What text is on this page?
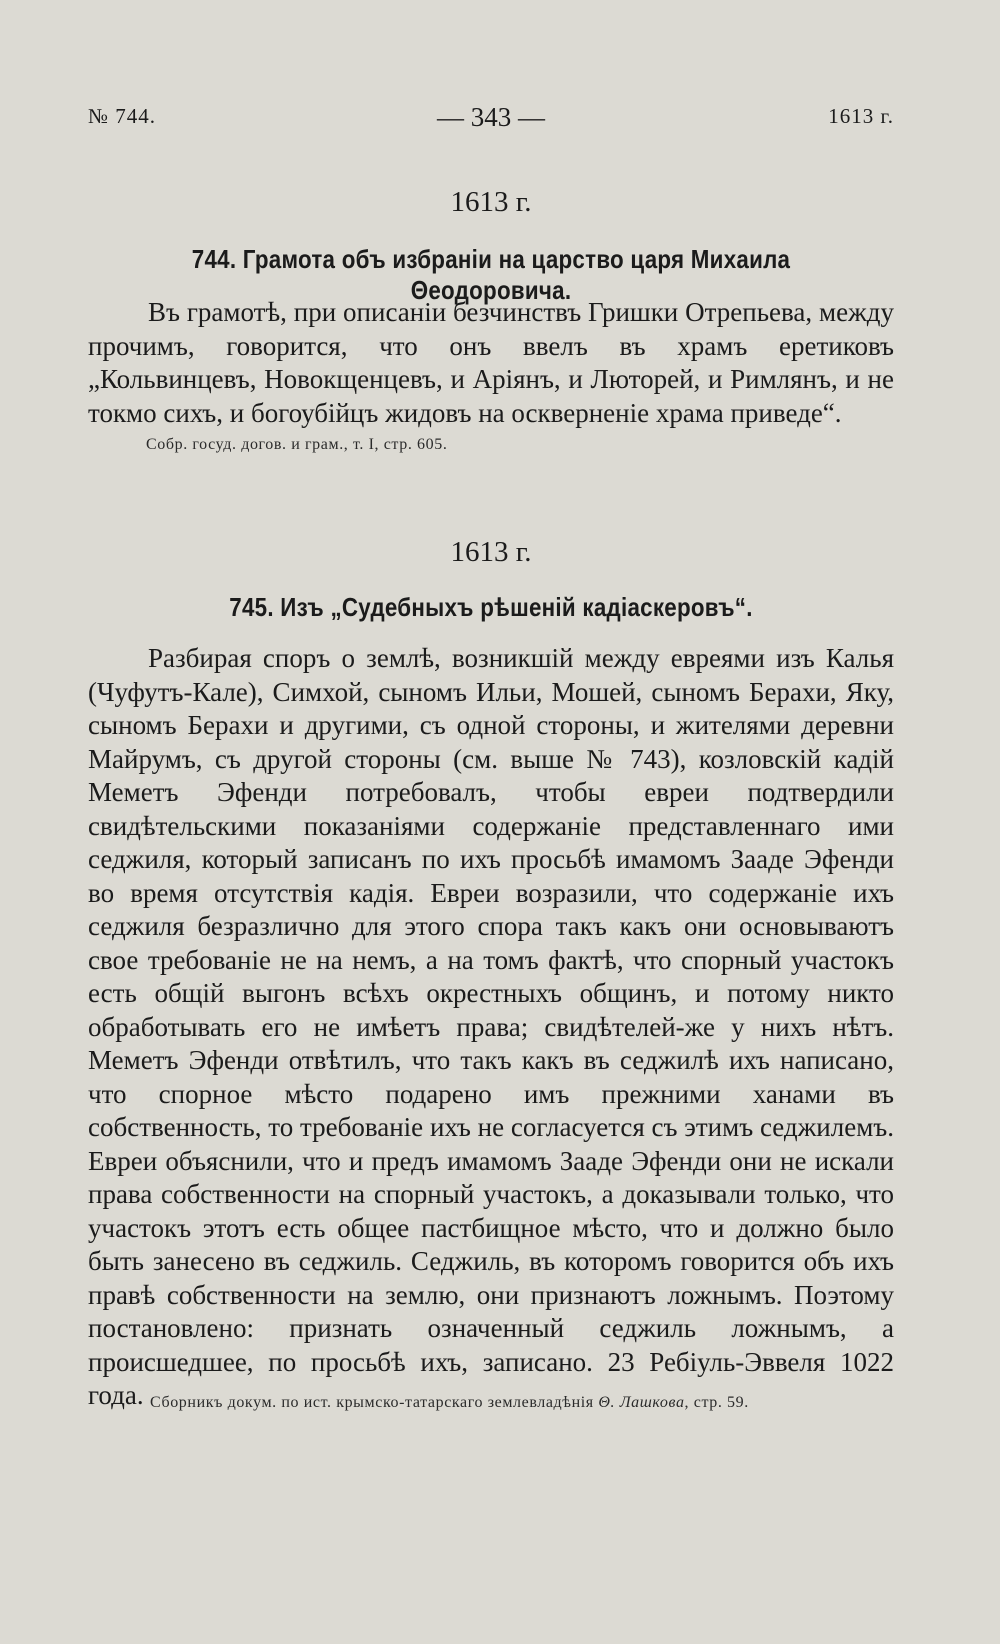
№ 744.	— 343 —	1613 г.
1613 г.
744. Грамота объ избраніи на царство царя Михаила Θеодоровича.
Въ грамотѣ, при описаніи безчинствъ Гришки Отрепьева, между прочимъ, говорится, что онъ ввелъ въ храмъ еретиковъ „Кольвинцевъ, Новокщенцевъ, и Аріянъ, и Люторей, и Римлянъ, и не токмо сихъ, и богоубійцъ жидовъ на оскверненіе храма приведе“.
Собр. госуд. догов. и грам., т. I, стр. 605.
1613 г.
745. Изъ „Судебныхъ рѣшеній кадіаскеровъ“.
Разбирая споръ о землѣ, возникшій между евреями изъ Калья (Чуфутъ-Кале), Симхой, сыномъ Ильи, Мошей, сыномъ Берахи, Яку, сыномъ Берахи и другими, съ одной стороны, и жителями деревни Майрумъ, съ другой стороны (см. выше № 743), козловскій кадій Меметъ Эфенди потребовалъ, чтобы евреи подтвердили свидѣтельскими показаніями содержаніе представленнаго ими седжиля, который записанъ по ихъ просьбѣ имамомъ Зааде Эфенди во время отсутствія кадія. Евреи возразили, что содержаніе ихъ седжиля безразлично для этого спора такъ какъ они основываютъ свое требованіе не на немъ, а на томъ фактѣ, что спорный участокъ есть общій выгонъ всѣхъ окрестныхъ общинъ, и потому никто обработывать его не имѣетъ права; свидѣтелей-же у нихъ нѣтъ. Меметъ Эфенди отвѣтилъ, что такъ какъ въ седжилѣ ихъ написано, что спорное мѣсто подарено имъ прежними ханами въ собственность, то требованіе ихъ не согласуется съ этимъ седжилемъ. Евреи объяснили, что и предъ имамомъ Зааде Эфенди они не искали права собственности на спорный участокъ, а доказывали только, что участокъ этотъ есть общее пастбищное мѣсто, что и должно было быть занесено въ седжиль. Седжиль, въ которомъ говорится объ ихъ правѣ собственности на землю, они признаютъ ложнымъ. Поэтому постановлено: признать означенный седжиль ложнымъ, а происшедшее, по просьбѣ ихъ, записано. 23 Ребіуль-Эввеля 1022 года. Сборникъ докум. по ист. крымско-татарскаго землевладѣнія Θ. Лашкова, стр. 59.
